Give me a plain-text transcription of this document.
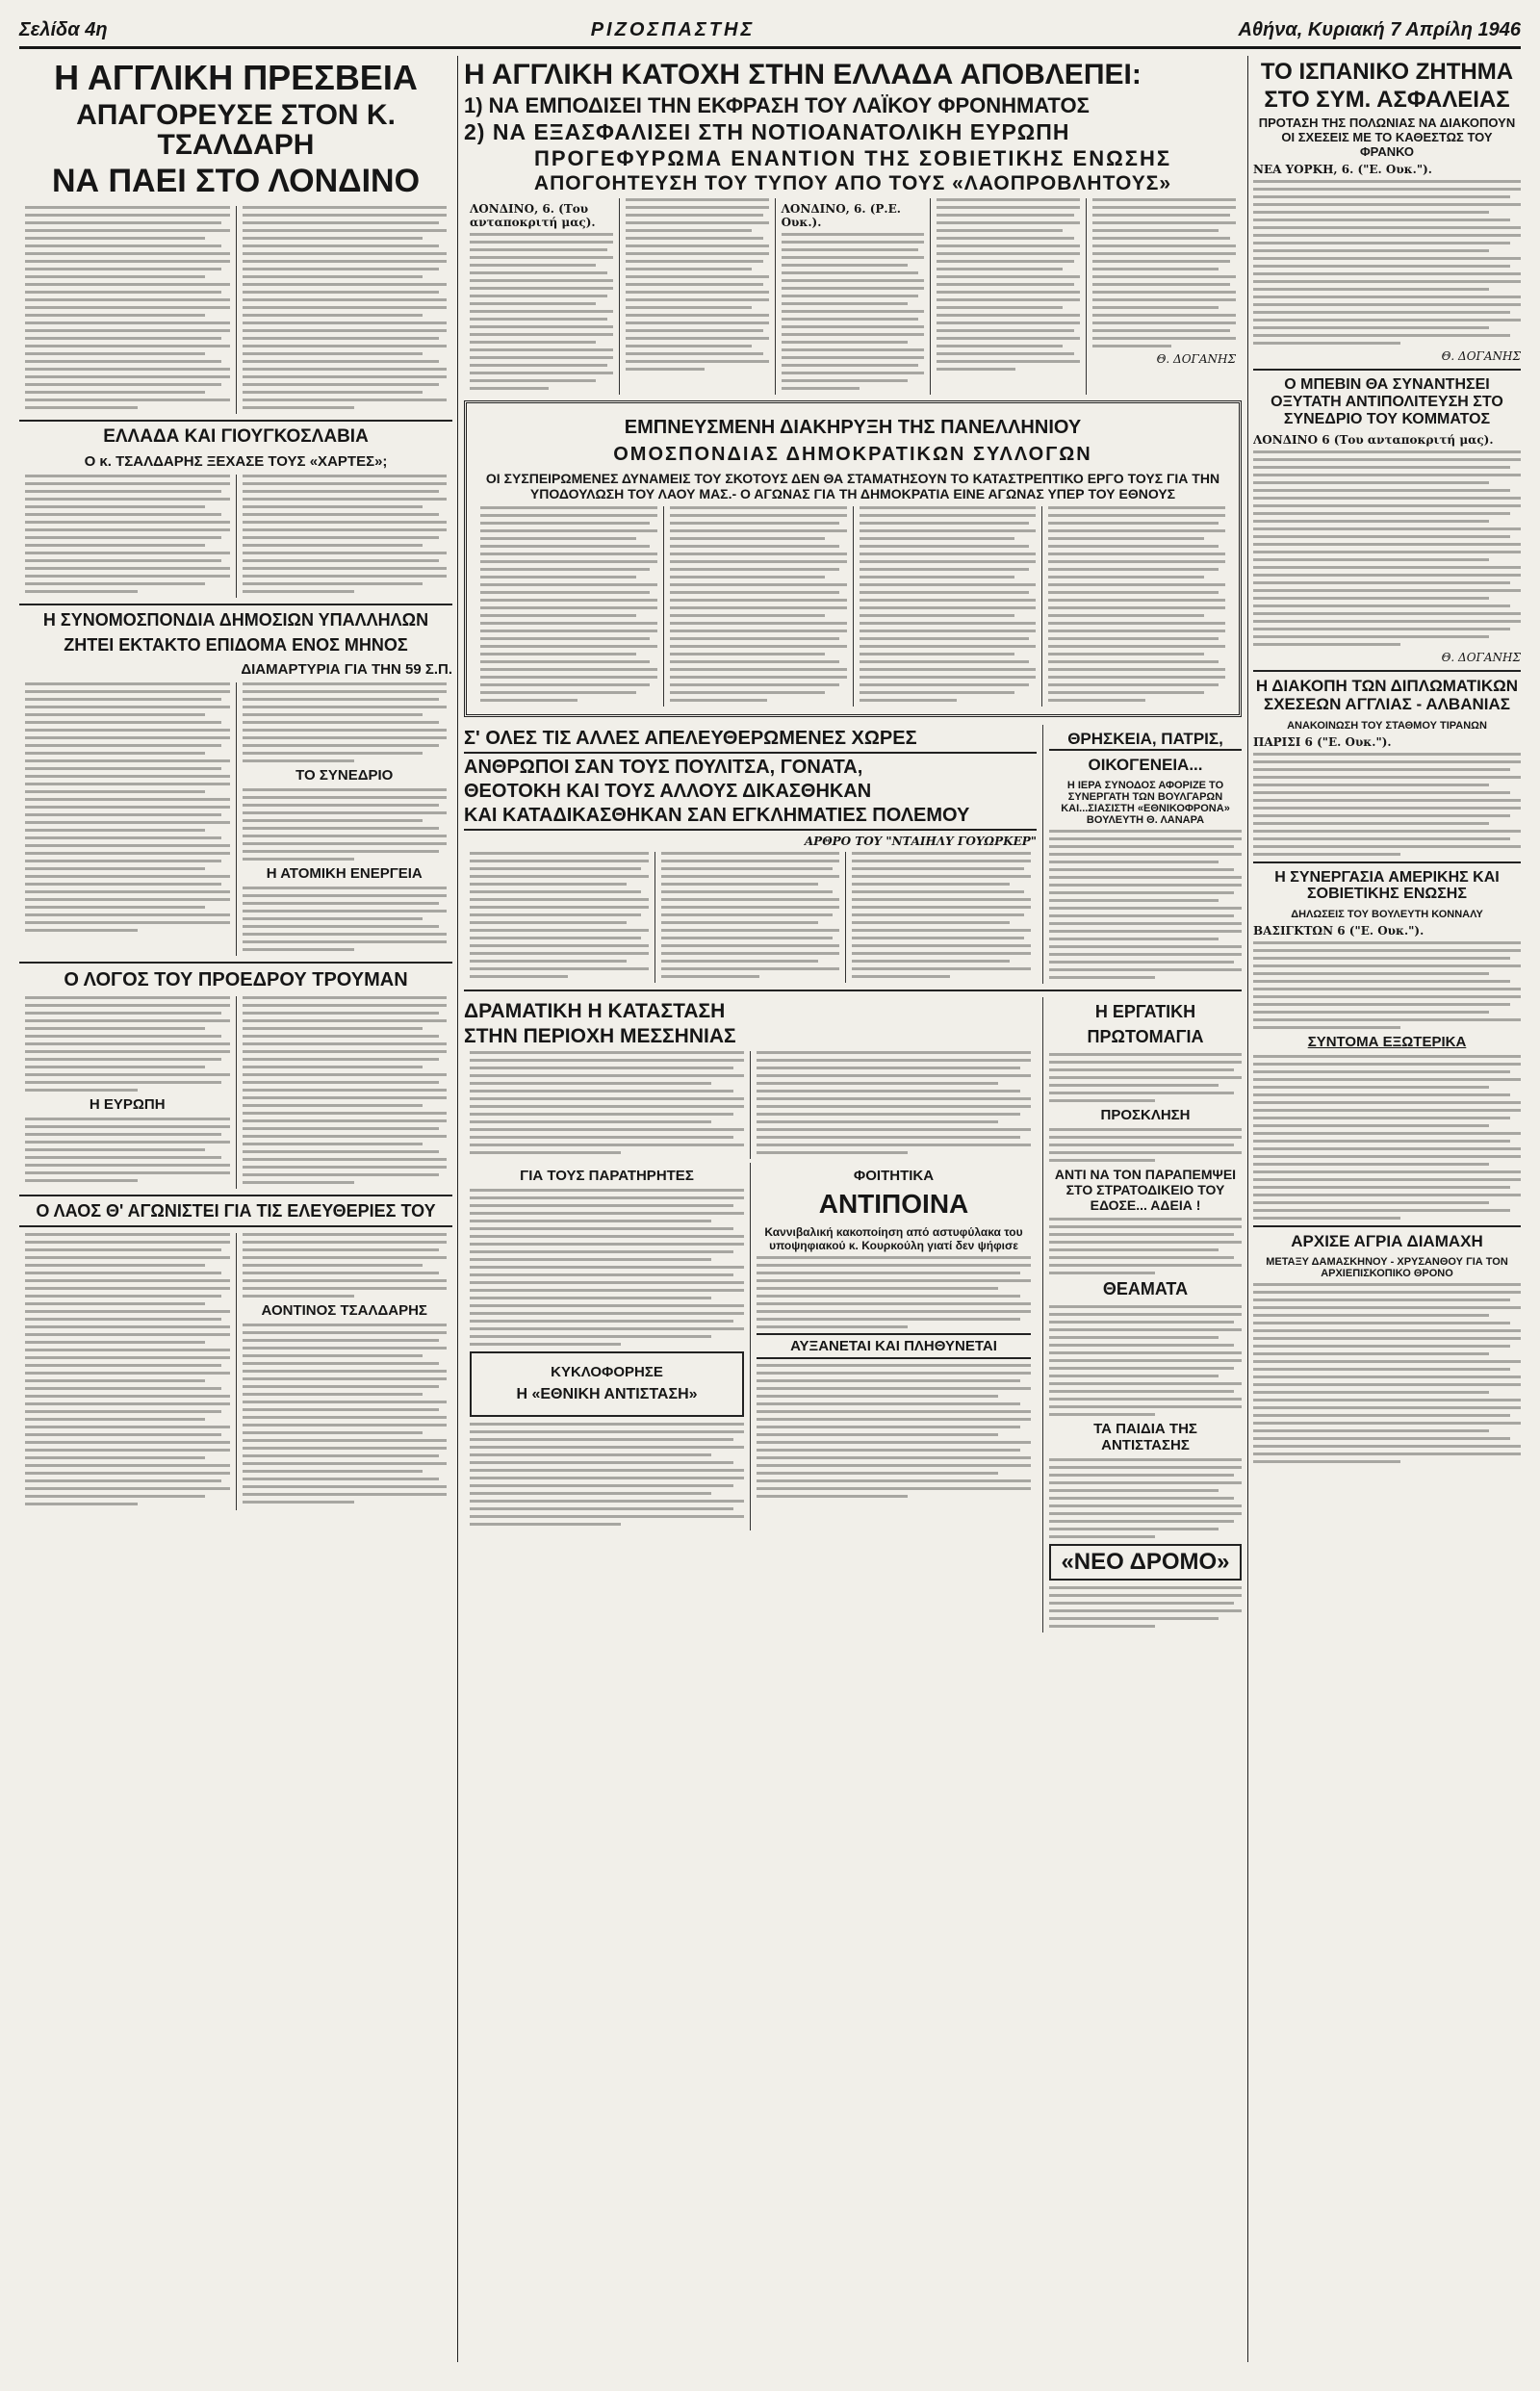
Σελίδα 4η	ΡΙΖΟΣΠΑΣΤΗΣ	Αθήνα, Κυριακή 7 Απρίλη 1946
Η ΑΓΓΛΙΚΗ ΠΡΕΣΒΕΙΑ
ΑΠΑΓΟΡΕΥΣΕ ΣΤΟΝ Κ. ΤΣΑΛΔΑΡΗ
ΝΑ ΠΑΕΙ ΣΤΟ ΛΟΝΔΙΝΟ
ΕΛΛΑΔΑ ΚΑΙ ΓΙΟΥΓΚΟΣΛΑΒΙΑ
Ο κ. ΤΣΑΛΔΑΡΗΣ ΞΕΧΑΣΕ ΤΟΥΣ «ΧΑΡΤΕΣ»;
Η ΣΥΝΟΜΟΣΠΟΝΔΙΑ ΔΗΜΟΣΙΩΝ ΥΠΑΛΛΗΛΩΝ
ΖΗΤΕΙ ΕΚΤΑΚΤΟ ΕΠΙΔΟΜΑ ΕΝΟΣ ΜΗΝΟΣ
ΔΙΑΜΑΡΤΥΡΙΑ ΓΙΑ ΤΗΝ 59 Σ.Π.
ΤΟ ΣΥΝΕΔΡΙΟ
Η ΑΤΟΜΙΚΗ ΕΝΕΡΓΕΙΑ
Ο ΛΟΓΟΣ ΤΟΥ ΠΡΟΕΔΡΟΥ ΤΡΟΥΜΑΝ
Η ΕΥΡΩΠΗ
Ο ΛΑΟΣ Θ' ΑΓΩΝΙΣΤΕΙ ΓΙΑ ΤΙΣ ΕΛΕΥΘΕΡΙΕΣ ΤΟΥ
ΑΟΝΤΙΝΟΣ ΤΣΑΛΔΑΡΗΣ
Η ΑΓΓΛΙΚΗ ΚΑΤΟΧΗ ΣΤΗΝ ΕΛΛΑΔΑ ΑΠΟΒΛΕΠΕΙ:
1) ΝΑ ΕΜΠΟΔΙΣΕΙ ΤΗΝ ΕΚΦΡΑΣΗ ΤΟΥ ΛΑΪΚΟΥ ΦΡΟΝΗΜΑΤΟΣ
2) ΝΑ ΕΞΑΣΦΑΛΙΣΕΙ ΣΤΗ ΝΟΤΙΟΑΝΑΤΟΛΙΚΗ ΕΥΡΩΠΗ
ΠΡΟΓΕΦΥΡΩΜΑ ΕΝΑΝΤΙΟΝ ΤΗΣ ΣΟΒΙΕΤΙΚΗΣ ΕΝΩΣΗΣ
ΑΠΟΓΟΗΤΕΥΣΗ ΤΟΥ ΤΥΠΟΥ ΑΠΟ ΤΟΥΣ «ΛΑΟΠΡΟΒΛΗΤΟΥΣ»
ΛΟΝΔΙΝΟ, 6. (Του ανταποκριτή μας).
ΛΟΝΔΙΝΟ, 6. (Ρ.Ε. Ουκ.).
Θ. ΔΟΓΑΝΗΣ
ΕΜΠΝΕΥΣΜΕΝΗ ΔΙΑΚΗΡΥΞΗ ΤΗΣ ΠΑΝΕΛΛΗΝΙΟΥ
ΟΜΟΣΠΟΝΔΙΑΣ ΔΗΜΟΚΡΑΤΙΚΩΝ ΣΥΛΛΟΓΩΝ
ΟΙ ΣΥΣΠΕΙΡΩΜΕΝΕΣ ΔΥΝΑΜΕΙΣ ΤΟΥ ΣΚΟΤΟΥΣ ΔΕΝ ΘΑ ΣΤΑΜΑΤΗΣΟΥΝ ΤΟ ΚΑΤΑΣΤΡΕΠΤΙΚΟ ΕΡΓΟ ΤΟΥΣ ΓΙΑ ΤΗΝ ΥΠΟΔΟΥΛΩΣΗ ΤΟΥ ΛΑΟΥ ΜΑΣ.- Ο ΑΓΩΝΑΣ ΓΙΑ ΤΗ ΔΗΜΟΚΡΑΤΙΑ ΕΙΝΕ ΑΓΩΝΑΣ ΥΠΕΡ ΤΟΥ ΕΘΝΟΥΣ
Σ' ΟΛΕΣ ΤΙΣ ΑΛΛΕΣ ΑΠΕΛΕΥΘΕΡΩΜΕΝΕΣ ΧΩΡΕΣ
ΑΝΘΡΩΠΟΙ ΣΑΝ ΤΟΥΣ ΠΟΥΛΙΤΣΑ, ΓΟΝΑΤΑ,
ΘΕΟΤΟΚΗ ΚΑΙ ΤΟΥΣ ΑΛΛΟΥΣ ΔΙΚΑΣΘΗΚΑΝ
ΚΑΙ ΚΑΤΑΔΙΚΑΣΘΗΚΑΝ ΣΑΝ ΕΓΚΛΗΜΑΤΙΕΣ ΠΟΛΕΜΟΥ
ΑΡΘΡΟ ΤΟΥ "ΝΤΑΙΗΛΥ ΓΟΥΩΡΚΕΡ"
ΘΡΗΣΚΕΙΑ, ΠΑΤΡΙΣ,
ΟΙΚΟΓΕΝΕΙΑ...
Η ΙΕΡΑ ΣΥΝΟΔΟΣ ΑΦΟΡΙΖΕ ΤΟ ΣΥΝΕΡΓΑΤΗ ΤΩΝ ΒΟΥΛΓΑΡΩΝ ΚΑΙ...ΣΙΑΣΙΣΤΗ «ΕΘΝΙΚΟΦΡΟΝΑ» ΒΟΥΛΕΥΤΗ Θ. ΛΑΝΑΡΑ
ΔΡΑΜΑΤΙΚΗ Η ΚΑΤΑΣΤΑΣΗ
ΣΤΗΝ ΠΕΡΙΟΧΗ ΜΕΣΣΗΝΙΑΣ
ΓΙΑ ΤΟΥΣ ΠΑΡΑΤΗΡΗΤΕΣ
ΚΥΚΛΟΦΟΡΗΣΕ
Η «ΕΘΝΙΚΗ ΑΝΤΙΣΤΑΣΗ»
ΦΟΙΤΗΤΙΚΑ
ΑΝΤΙΠΟΙΝΑ
Καννιβαλική κακοποίηση από αστυφύλακα του υποψηφιακού κ. Κουρκούλη γιατί δεν ψήφισε
ΑΥΞΑΝΕΤΑΙ ΚΑΙ ΠΛΗΘΥΝΕΤΑΙ
Η ΕΡΓΑΤΙΚΗ
ΠΡΩΤΟΜΑΓΙΑ
ΠΡΟΣΚΛΗΣΗ
ΑΝΤΙ ΝΑ ΤΟΝ ΠΑΡΑΠΕΜΨΕΙ ΣΤΟ ΣΤΡΑΤΟΔΙΚΕΙΟ ΤΟΥ ΕΔΟΣΕ... ΑΔΕΙΑ !
ΘΕΑΜΑΤΑ
ΤΑ ΠΑΙΔΙΑ ΤΗΣ ΑΝΤΙΣΤΑΣΗΣ
«ΝΕΟ ΔΡΟΜΟ»
ΤΟ ΙΣΠΑΝΙΚΟ ΖΗΤΗΜΑ
ΣΤΟ ΣΥΜ. ΑΣΦΑΛΕΙΑΣ
ΠΡΟΤΑΣΗ ΤΗΣ ΠΟΛΩΝΙΑΣ ΝΑ ΔΙΑΚΟΠΟΥΝ ΟΙ ΣΧΕΣΕΙΣ ΜΕ ΤΟ ΚΑΘΕΣΤΩΣ ΤΟΥ ΦΡΑΝΚΟ
ΝΕΑ ΥΟΡΚΗ, 6. ("Ε. Ουκ.").
Θ. ΔΟΓΑΝΗΣ
Ο ΜΠΕΒΙΝ ΘΑ ΣΥΝΑΝΤΗΣΕΙ ΟΞΥΤΑΤΗ ΑΝΤΙΠΟΛΙΤΕΥΣΗ ΣΤΟ ΣΥΝΕΔΡΙΟ ΤΟΥ ΚΟΜΜΑΤΟΣ
ΛΟΝΔΙΝΟ 6 (Του ανταποκριτή μας).
Θ. ΔΟΓΑΝΗΣ
Η ΔΙΑΚΟΠΗ ΤΩΝ ΔΙΠΛΩΜΑΤΙΚΩΝ ΣΧΕΣΕΩΝ ΑΓΓΛΙΑΣ - ΑΛΒΑΝΙΑΣ
ΑΝΑΚΟΙΝΩΣΗ ΤΟΥ ΣΤΑΘΜΟΥ ΤΙΡΑΝΩΝ
ΠΑΡΙΣΙ 6 ("Ε. Ουκ.").
Η ΣΥΝΕΡΓΑΣΙΑ ΑΜΕΡΙΚΗΣ ΚΑΙ ΣΟΒΙΕΤΙΚΗΣ ΕΝΩΣΗΣ
ΔΗΛΩΣΕΙΣ ΤΟΥ ΒΟΥΛΕΥΤΗ ΚΟΝΝΑΛΥ
ΒΑΣΙΓΚΤΩΝ 6 ("Ε. Ουκ.").
ΣΥΝΤΟΜΑ ΕΞΩΤΕΡΙΚΑ
ΑΡΧΙΣΕ ΑΓΡΙΑ ΔΙΑΜΑΧΗ
ΜΕΤΑΞΥ ΔΑΜΑΣΚΗΝΟΥ - ΧΡΥΣΑΝΘΟΥ ΓΙΑ ΤΟΝ ΑΡΧΙΕΠΙΣΚΟΠΙΚΟ ΘΡΟΝΟ
